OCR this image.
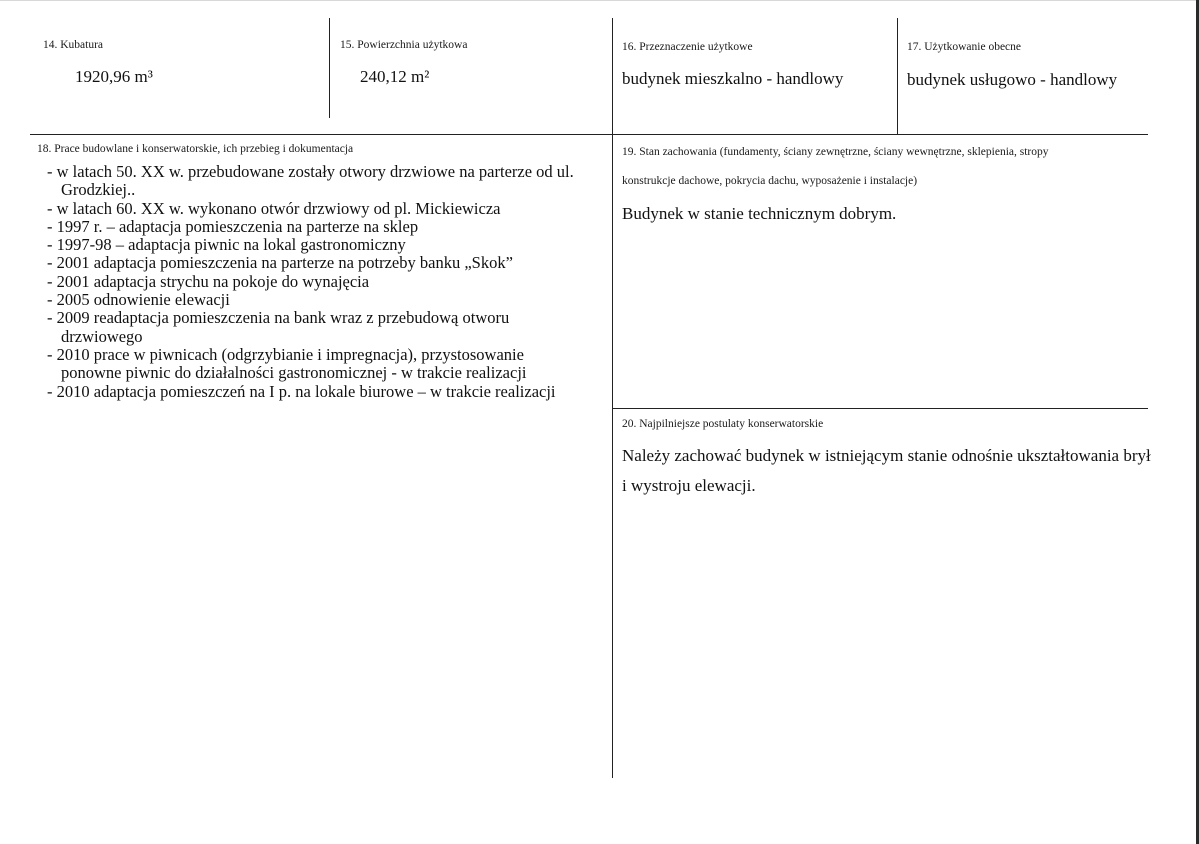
14. Kubatura
1920,96 m³
15. Powierzchnia użytkowa
240,12 m²
16. Przeznaczenie użytkowe
budynek mieszkalno - handlowy
17. Użytkowanie obecne
budynek usługowo - handlowy
18. Prace budowlane i konserwatorskie, ich przebieg i dokumentacja
- w latach 50. XX w. przebudowane zostały otwory drzwiowe na parterze od ul. Grodzkiej..
- w latach 60. XX w. wykonano otwór drzwiowy od pl. Mickiewicza
- 1997 r. – adaptacja pomieszczenia na parterze na sklep
- 1997-98 – adaptacja piwnic na lokal gastronomiczny
- 2001 adaptacja pomieszczenia na parterze na potrzeby banku „Skok”
- 2001 adaptacja strychu na pokoje do wynajęcia
- 2005 odnowienie elewacji
- 2009 readaptacja pomieszczenia na bank wraz z przebudową otworu drzwiowego
- 2010 prace w piwnicach (odgrzybianie i impregnacja), przystosowanie ponowne piwnic do działalności gastronomicznej - w trakcie realizacji
- 2010 adaptacja pomieszczeń na I p. na lokale biurowe – w trakcie realizacji
19. Stan zachowania (fundamenty, ściany zewnętrzne, ściany wewnętrzne, sklepienia, stropy
konstrukcje dachowe, pokrycia dachu, wyposażenie i instalacje)
Budynek w stanie technicznym dobrym.
20. Najpilniejsze postulaty konserwatorskie
Należy zachować budynek w istniejącym stanie odnośnie ukształtowania brył
i wystroju elewacji.
